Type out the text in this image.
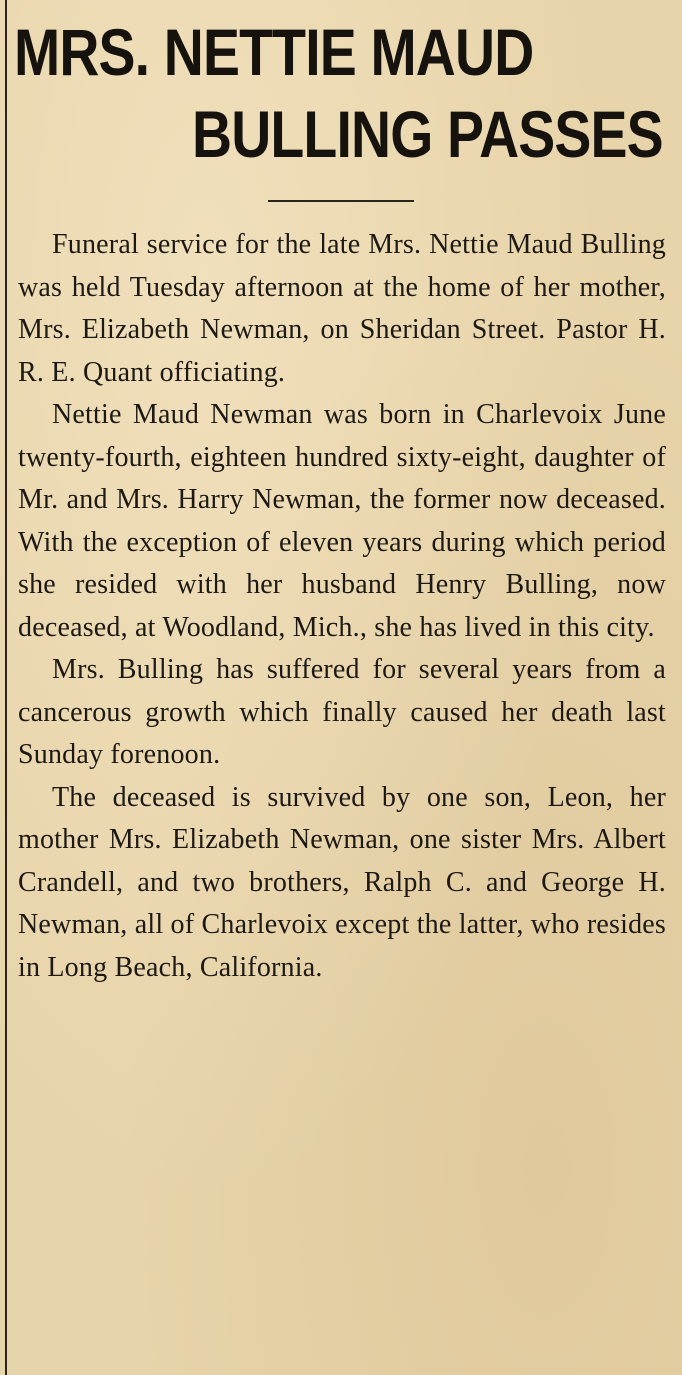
MRS. NETTIE MAUD
BULLING PASSES

Funeral service for the late Mrs. Nettie Maud Bulling was held Tuesday afternoon at the home of her mother, Mrs. Elizabeth Newman, on Sheridan Street. Pastor H. R. E. Quant officiating.

Nettie Maud Newman was born in Charlevoix June twenty-fourth, eighteen hundred sixty-eight, daughter of Mr. and Mrs. Harry Newman, the former now deceased. With the exception of eleven years during which period she resided with her husband Henry Bulling, now deceased, at Woodland, Mich., she has lived in this city.

Mrs. Bulling has suffered for several years from a cancerous growth which finally caused her death last Sunday forenoon.

The deceased is survived by one son, Leon, her mother Mrs. Elizabeth Newman, one sister Mrs. Albert Crandell, and two brothers, Ralph C. and George H. Newman, all of Charlevoix except the latter, who resides in Long Beach, California.
